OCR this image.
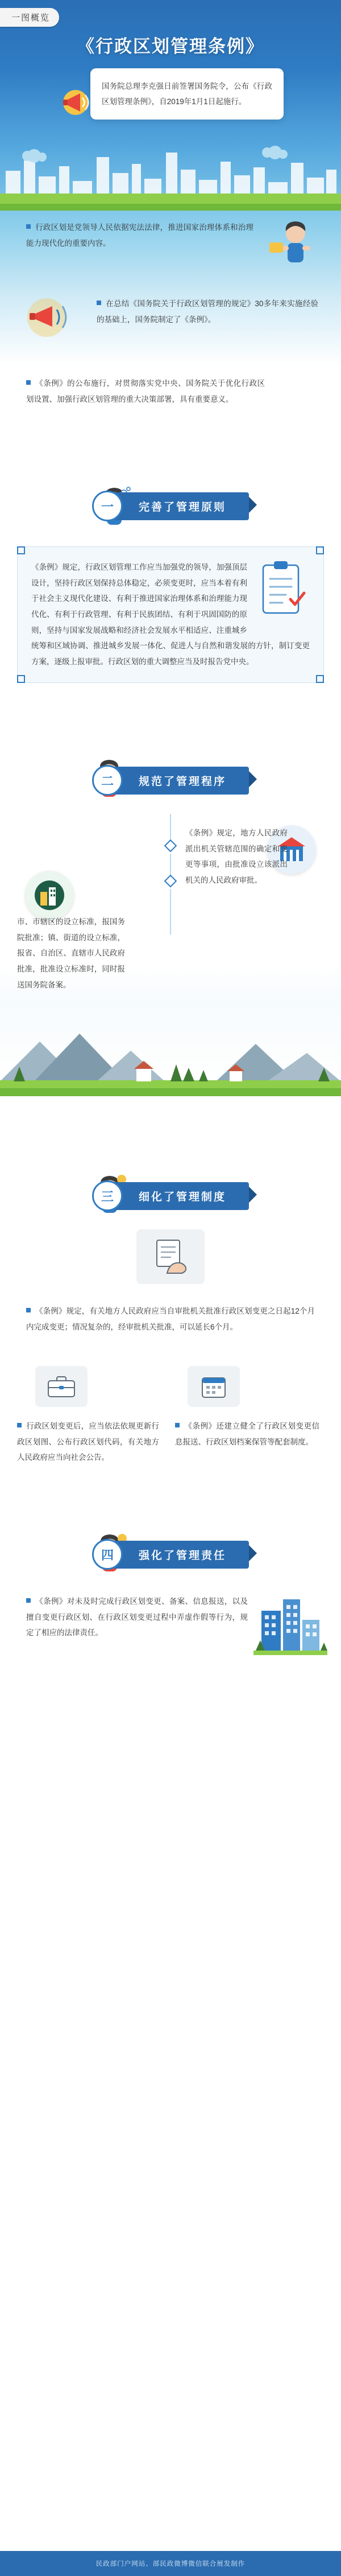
一图概览
《行政区划管理条例》
国务院总理李克强日前签署国务院令，公布《行政区划管理条例》，自2019年1月1日起施行。
行政区划是党领导人民依据宪法法律，推进国家治理体系和治理能力现代化的重要内容。
在总结《国务院关于行政区划管理的规定》30多年来实施经验的基础上，国务院制定了《条例》。
《条例》的公布施行，对贯彻落实党中央、国务院关于优化行政区划设置、加强行政区划管理的重大决策部署，具有重要意义。
一	完善了管理原则
《条例》规定，行政区划管理工作应当加强党的领导，加强顶层设计，坚持行政区划保持总体稳定，必须变更时，应当本着有利于社会主义现代化建设、有利于推进国家治理体系和治理能力现代化、有利于行政管理、有利于民族团结、有利于巩固国防的原则，坚持与国家发展战略和经济社会发展水平相适应、注重城乡统筹和区域协调、推进城乡发展一体化、促进人与自然和谐发展的方针，制订变更方案，逐级上报审批。行政区划的重大调整应当及时报告党中央。
二	规范了管理程序
《条例》规定，地方人民政府派出机关管辖范围的确定和变更等事项，由批准设立该派出机关的人民政府审批。
市、市辖区的设立标准，报国务院批准；镇、街道的设立标准，报省、自治区、直辖市人民政府批准，批准设立标准时，同时报送国务院备案。
三	细化了管理制度
《条例》规定，有关地方人民政府应当自审批机关批准行政区划变更之日起12个月内完成变更；情况复杂的，经审批机关批准，可以延长6个月。
行政区划变更后，应当依法依规更新行政区划图、公布行政区划代码，有关地方人民政府应当向社会公告。
《条例》还建立健全了行政区划变更信息报送、行政区划档案保管等配套制度。
四	强化了管理责任
《条例》对未及时完成行政区划变更、备案、信息报送，以及擅自变更行政区划、在行政区划变更过程中弄虚作假等行为，规定了相应的法律责任。
民政部门户网站、部民政微博微信联合展发制作
